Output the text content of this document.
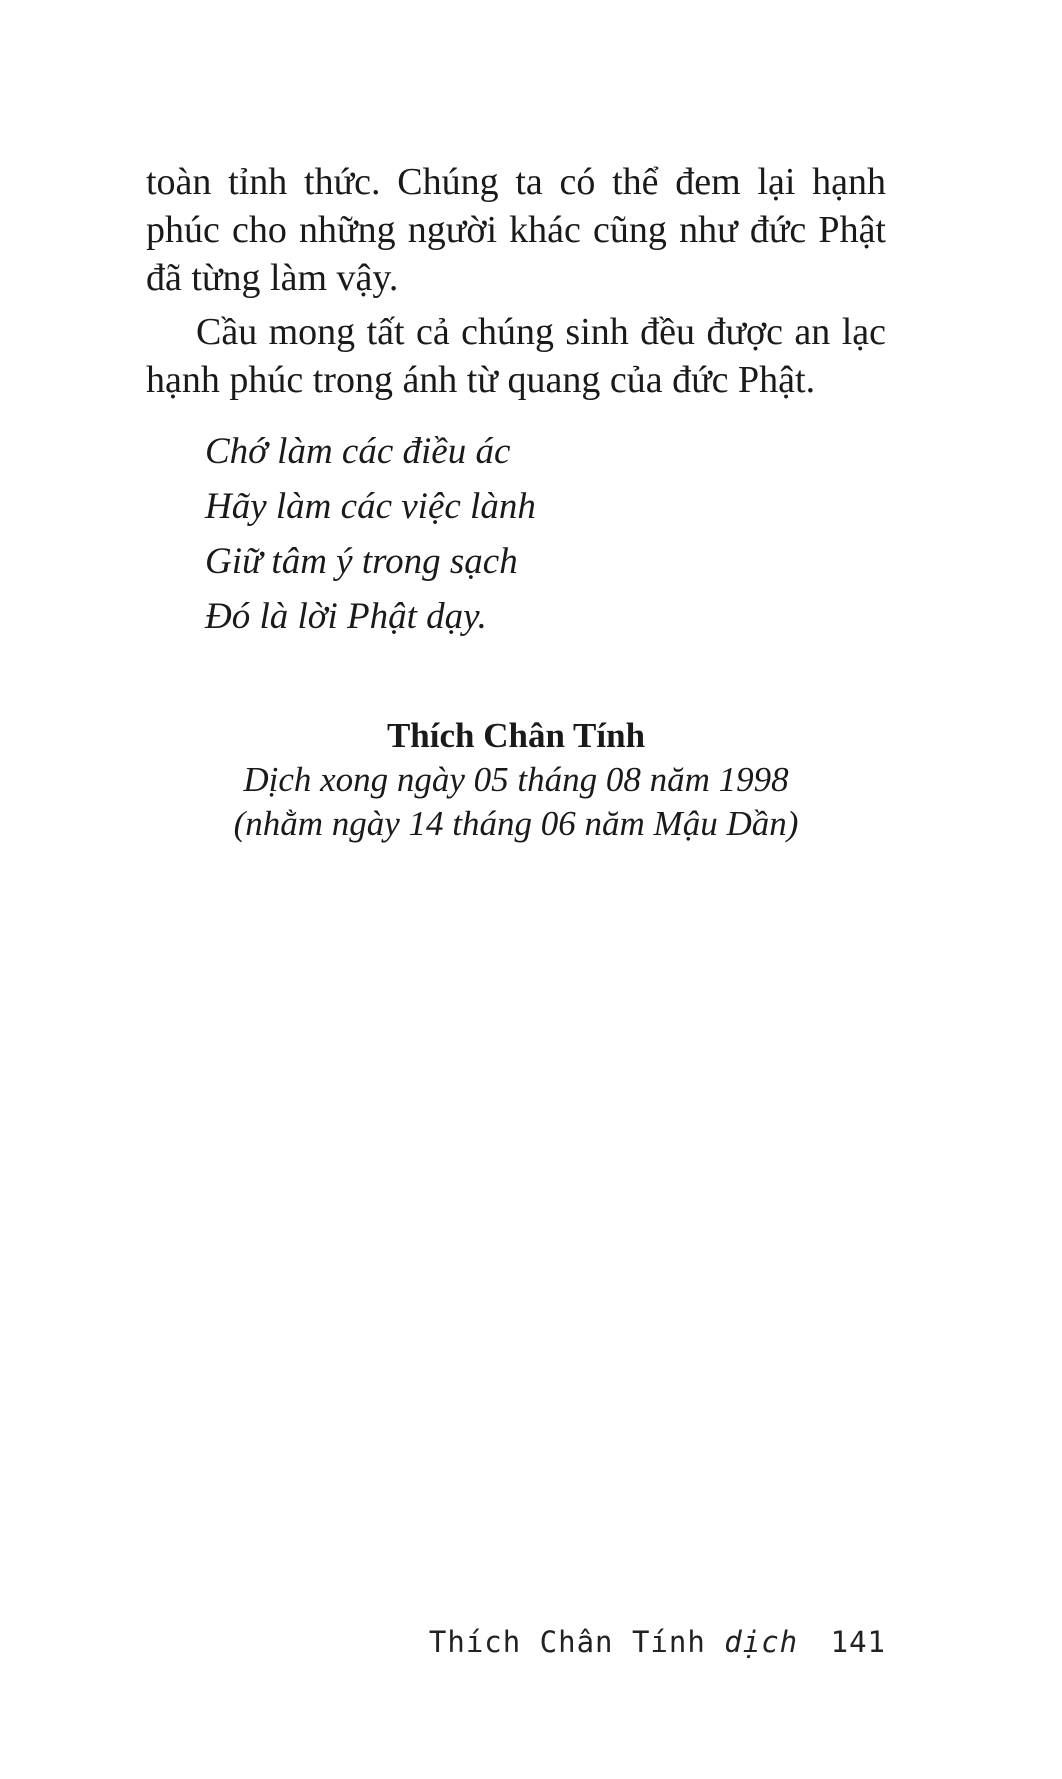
toàn tỉnh thức. Chúng ta có thể đem lại hạnh phúc cho những người khác cũng như đức Phật đã từng làm vậy.

Cầu mong tất cả chúng sinh đều được an lạc hạnh phúc trong ánh từ quang của đức Phật.

Chớ làm các điều ác

Hãy làm các việc lành

Giữ tâm ý trong sạch

Đó là lời Phật dạy.

Thích Chân Tính

Dịch xong ngày 05 tháng 08 năm 1998

(nhằm ngày 14 tháng 06 năm Mậu Dần)

Thích Chân Tính dịch 141
